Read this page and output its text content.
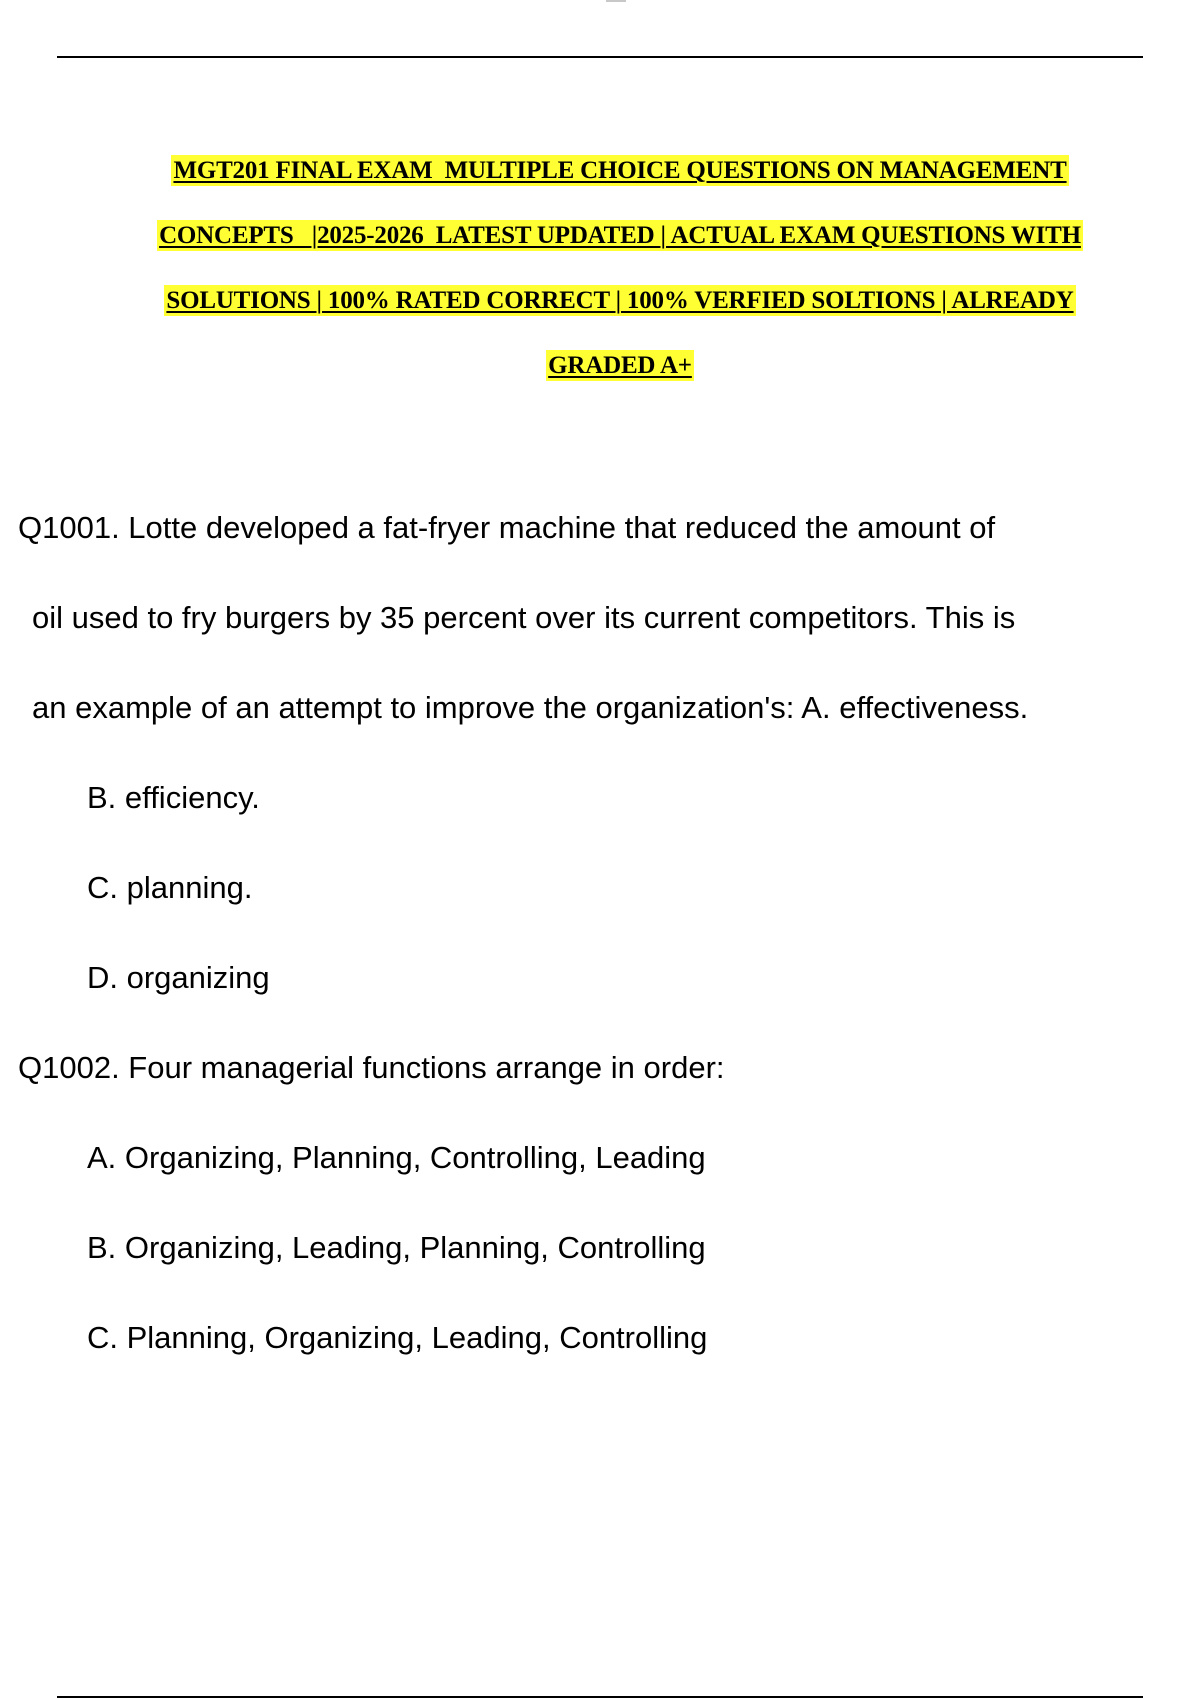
MGT201 FINAL EXAM  MULTIPLE CHOICE QUESTIONS ON MANAGEMENT
CONCEPTS   |2025-2026  LATEST UPDATED | ACTUAL EXAM QUESTIONS WITH
SOLUTIONS | 100% RATED CORRECT | 100% VERFIED SOLTIONS | ALREADY
GRADED A+
Q1001. Lotte developed a fat-fryer machine that reduced the amount of
oil used to fry burgers by 35 percent over its current competitors. This is
an example of an attempt to improve the organization's: A. effectiveness.
B. efficiency.
C. planning.
D. organizing
Q1002. Four managerial functions arrange in order:
A. Organizing, Planning, Controlling, Leading
B. Organizing, Leading, Planning, Controlling
C. Planning, Organizing, Leading, Controlling
